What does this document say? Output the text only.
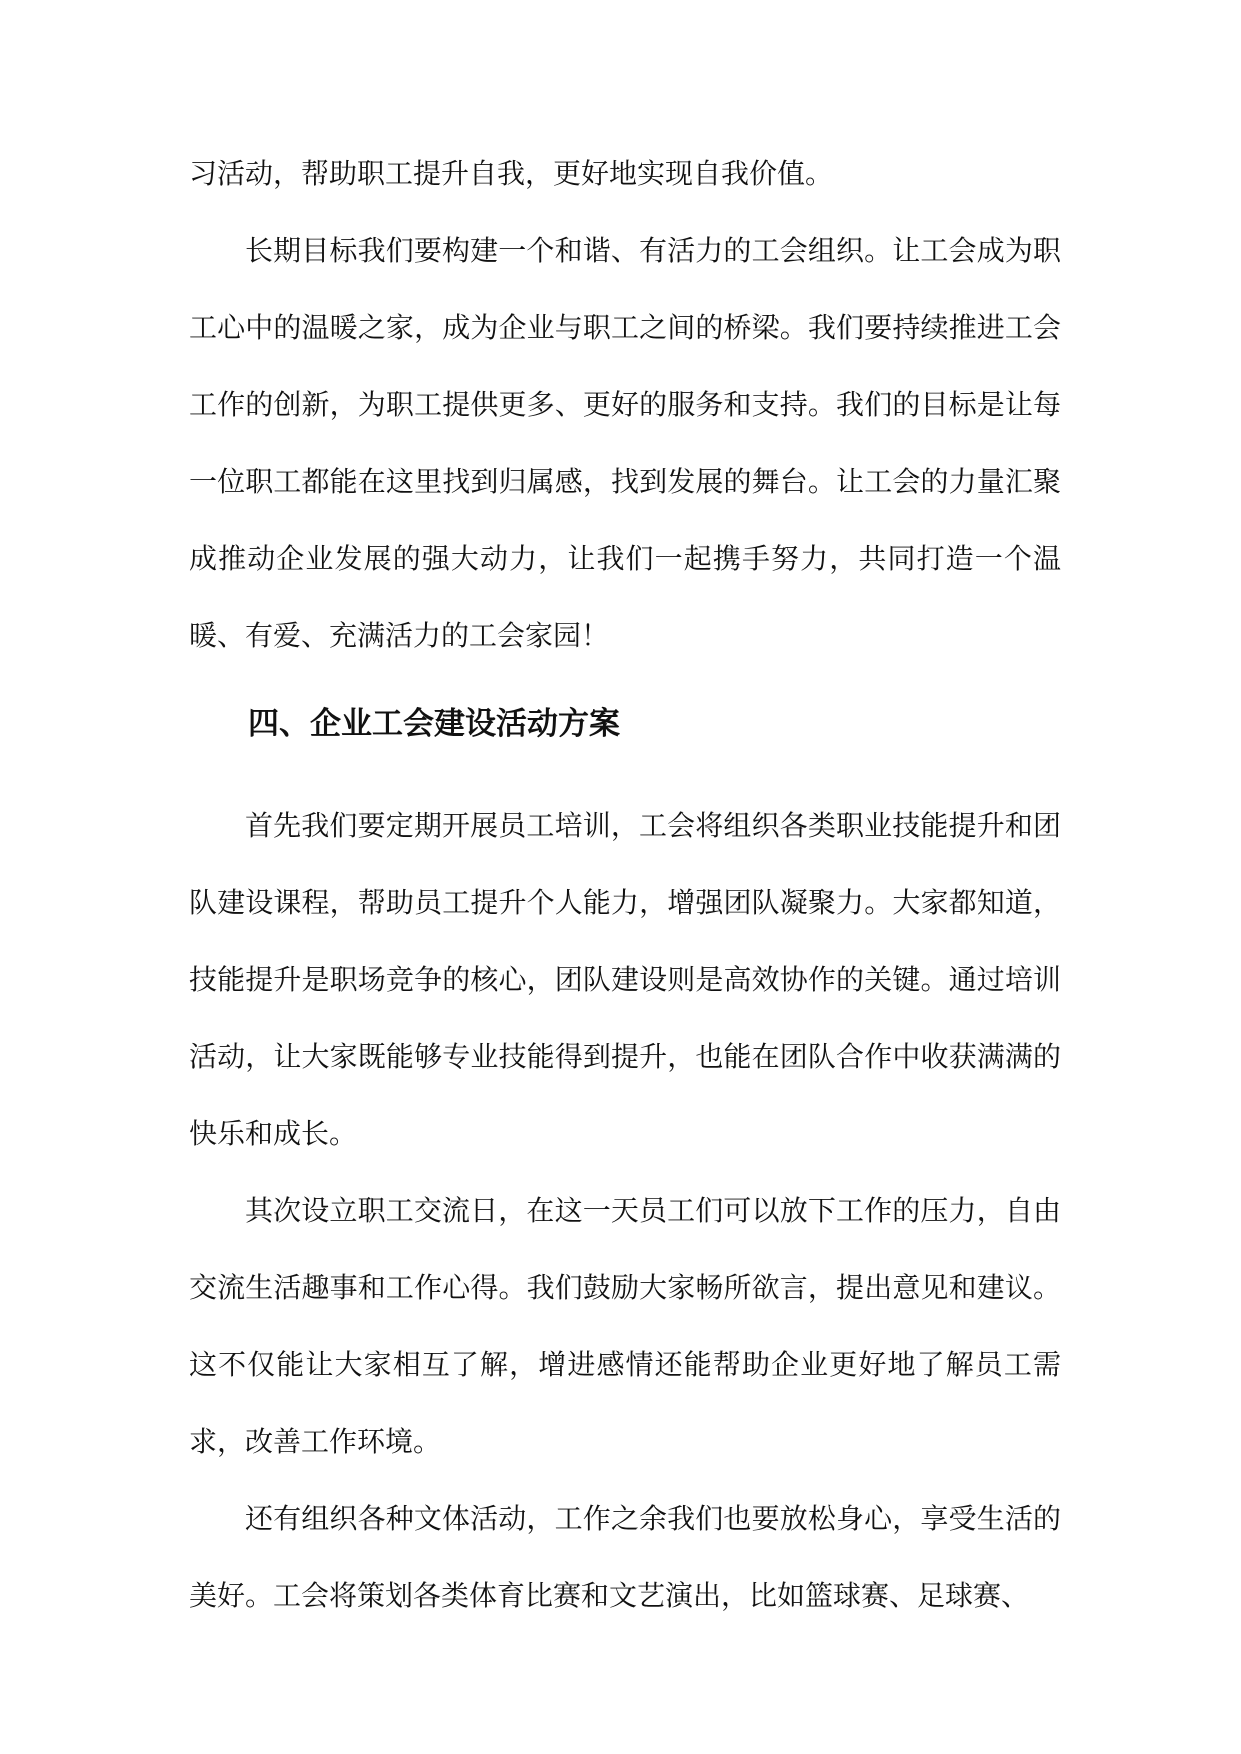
习活动，帮助职工提升自我，更好地实现自我价值。

长期目标我们要构建一个和谐、有活力的工会组织。让工会成为职工心中的温暖之家，成为企业与职工之间的桥梁。我们要持续推进工会工作的创新，为职工提供更多、更好的服务和支持。我们的目标是让每一位职工都能在这里找到归属感，找到发展的舞台。让工会的力量汇聚成推动企业发展的强大动力，让我们一起携手努力，共同打造一个温暖、有爱、充满活力的工会家园！

四、企业工会建设活动方案

首先我们要定期开展员工培训，工会将组织各类职业技能提升和团队建设课程，帮助员工提升个人能力，增强团队凝聚力。大家都知道，技能提升是职场竞争的核心，团队建设则是高效协作的关键。通过培训活动，让大家既能够专业技能得到提升，也能在团队合作中收获满满的快乐和成长。

其次设立职工交流日，在这一天员工们可以放下工作的压力，自由交流生活趣事和工作心得。我们鼓励大家畅所欲言，提出意见和建议。这不仅能让大家相互了解，增进感情还能帮助企业更好地了解员工需求，改善工作环境。

还有组织各种文体活动，工作之余我们也要放松身心，享受生活的美好。工会将策划各类体育比赛和文艺演出，比如篮球赛、足球赛、
